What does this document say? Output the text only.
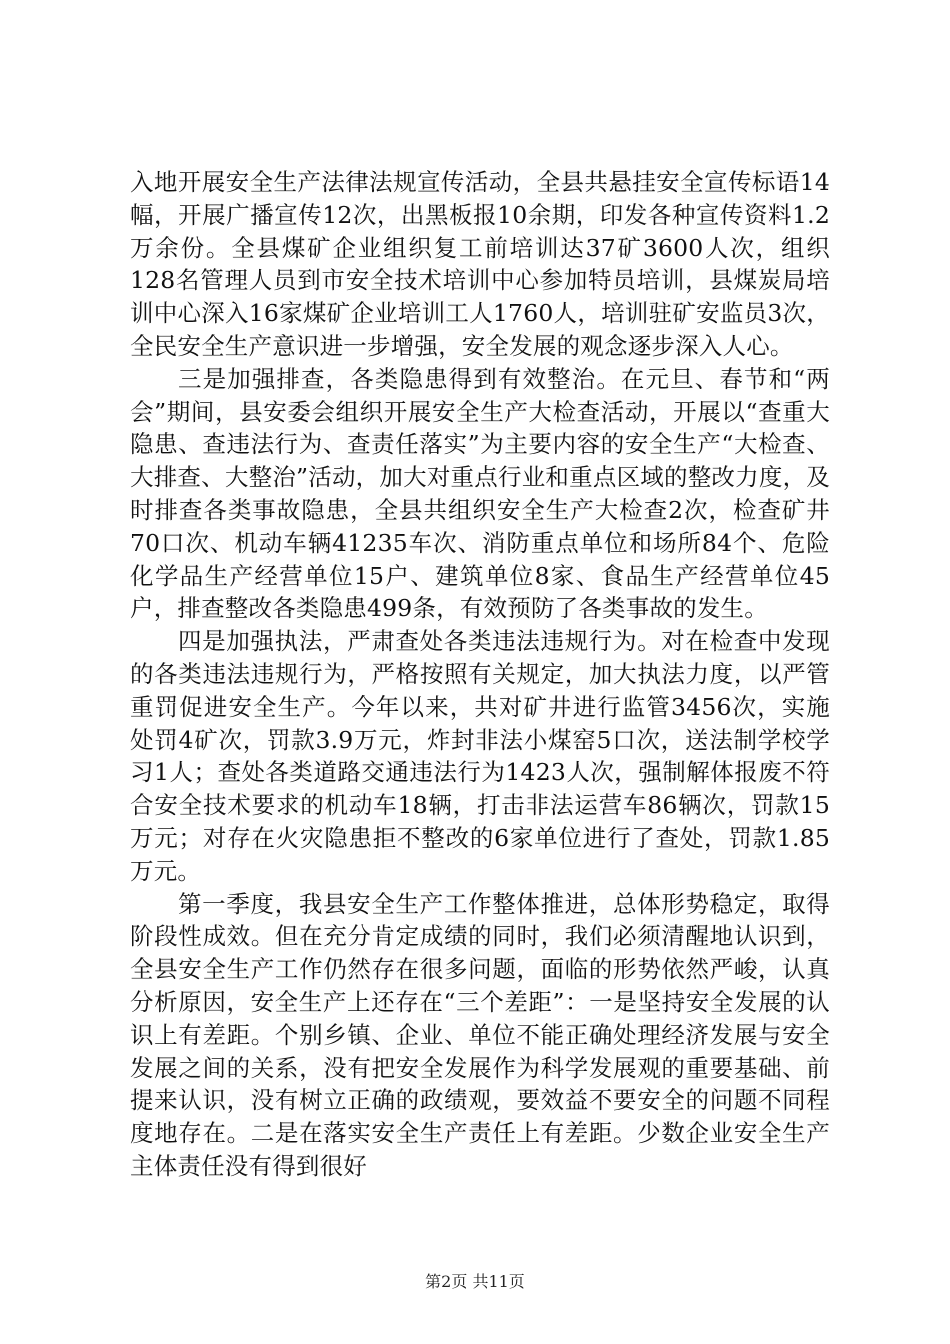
入地开展安全生产法律法规宣传活动，全县共悬挂安全宣传标语14幅，开展广播宣传12次，出黑板报10余期，印发各种宣传资料1.2万余份。全县煤矿企业组织复工前培训达37矿3600人次，组织128名管理人员到市安全技术培训中心参加特员培训，县煤炭局培训中心深入16家煤矿企业培训工人1760人，培训驻矿安监员3次，全民安全生产意识进一步增强，安全发展的观念逐步深入人心。

三是加强排查，各类隐患得到有效整治。在元旦、春节和“两会”期间，县安委会组织开展安全生产大检查活动，开展以“查重大隐患、查违法行为、查责任落实”为主要内容的安全生产“大检查、大排查、大整治”活动，加大对重点行业和重点区域的整改力度，及时排查各类事故隐患，全县共组织安全生产大检查2次，检查矿井70口次、机动车辆41235车次、消防重点单位和场所84个、危险化学品生产经营单位15户、建筑单位8家、食品生产经营单位45户，排查整改各类隐患499条，有效预防了各类事故的发生。

四是加强执法，严肃查处各类违法违规行为。对在检查中发现的各类违法违规行为，严格按照有关规定，加大执法力度，以严管重罚促进安全生产。今年以来，共对矿井进行监管3456次，实施处罚4矿次，罚款3.9万元，炸封非法小煤窑5口次，送法制学校学习1人；查处各类道路交通违法行为1423人次，强制解体报废不符合安全技术要求的机动车18辆，打击非法运营车86辆次，罚款15万元；对存在火灾隐患拒不整改的6家单位进行了查处，罚款1.85万元。

第一季度，我县安全生产工作整体推进，总体形势稳定，取得阶段性成效。但在充分肯定成绩的同时，我们必须清醒地认识到，全县安全生产工作仍然存在很多问题，面临的形势依然严峻，认真分析原因，安全生产上还存在“三个差距”：一是坚持安全发展的认识上有差距。个别乡镇、企业、单位不能正确处理经济发展与安全发展之间的关系，没有把安全发展作为科学发展观的重要基础、前提来认识，没有树立正确的政绩观，要效益不要安全的问题不同程度地存在。二是在落实安全生产责任上有差距。少数企业安全生产主体责任没有得到很好

第2页 共11页
